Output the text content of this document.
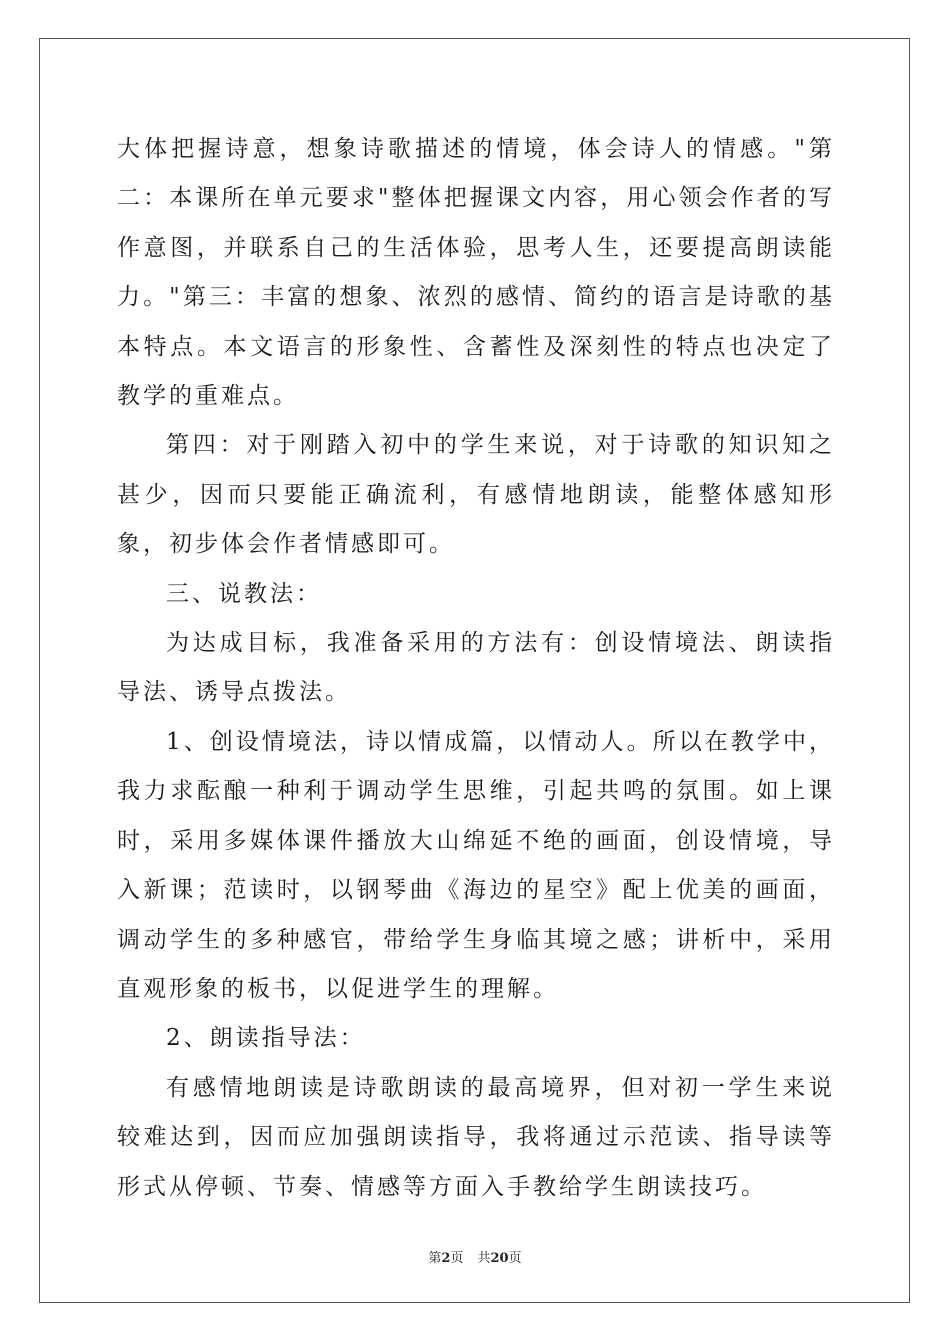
大体把握诗意，想象诗歌描述的情境，体会诗人的情感。"第二：本课所在单元要求"整体把握课文内容，用心领会作者的写作意图，并联系自己的生活体验，思考人生，还要提高朗读能力。"第三：丰富的想象、浓烈的感情、简约的语言是诗歌的基本特点。本文语言的形象性、含蓄性及深刻性的特点也决定了教学的重难点。

第四：对于刚踏入初中的学生来说，对于诗歌的知识知之甚少，因而只要能正确流利，有感情地朗读，能整体感知形象，初步体会作者情感即可。

三、说教法：

为达成目标，我准备采用的方法有：创设情境法、朗读指导法、诱导点拨法。

1、创设情境法，诗以情成篇，以情动人。所以在教学中，我力求酝酿一种利于调动学生思维，引起共鸣的氛围。如上课时，采用多媒体课件播放大山绵延不绝的画面，创设情境，导入新课；范读时，以钢琴曲《海边的星空》配上优美的画面，调动学生的多种感官，带给学生身临其境之感；讲析中，采用直观形象的板书，以促进学生的理解。

2、朗读指导法：

有感情地朗读是诗歌朗读的最高境界，但对初一学生来说较难达到，因而应加强朗读指导，我将通过示范读、指导读等形式从停顿、节奏、情感等方面入手教给学生朗读技巧。

第2页 共20页
